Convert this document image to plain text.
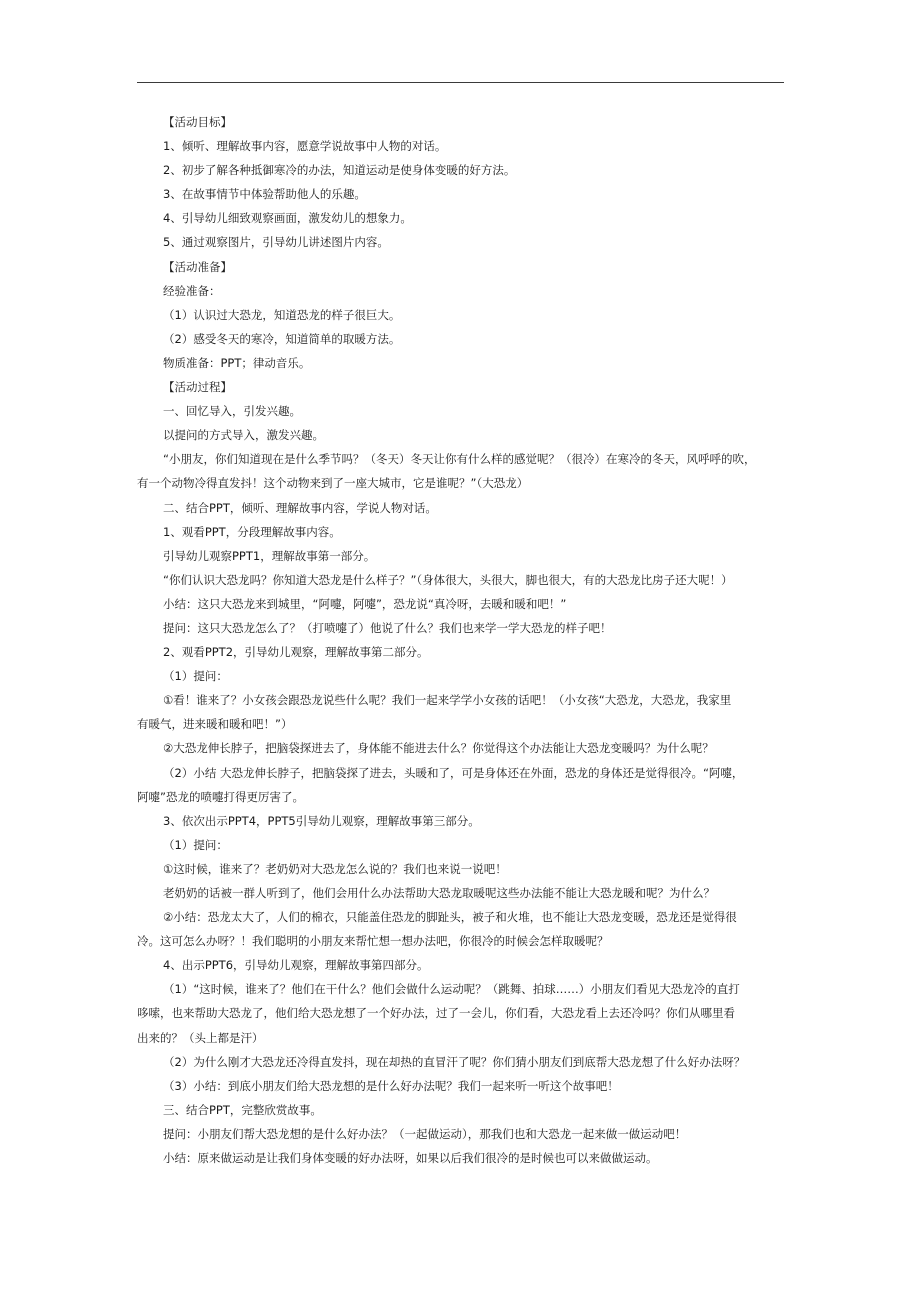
【活动目标】

1、倾听、理解故事内容，愿意学说故事中人物的对话。

2、初步了解各种抵御寒冷的办法，知道运动是使身体变暖的好方法。

3、在故事情节中体验帮助他人的乐趣。

4、引导幼儿细致观察画面，激发幼儿的想象力。

5、通过观察图片，引导幼儿讲述图片内容。

【活动准备】

经验准备：

（1）认识过大恐龙，知道恐龙的样子很巨大。

（2）感受冬天的寒冷，知道简单的取暖方法。

物质准备：PPT；律动音乐。

【活动过程】

一、回忆导入，引发兴趣。

以提问的方式导入，激发兴趣。

“小朋友，你们知道现在是什么季节吗？（冬天）冬天让你有什么样的感觉呢？（很冷）在寒冷的冬天，风呼呼的吹，

有一个动物冷得直发抖！这个动物来到了一座大城市，它是谁呢？”（大恐龙）

二、结合PPT，倾听、理解故事内容，学说人物对话。

1、观看PPT，分段理解故事内容。

引导幼儿观察PPT1，理解故事第一部分。

“你们认识大恐龙吗？你知道大恐龙是什么样子？”（身体很大，头很大，脚也很大，有的大恐龙比房子还大呢！）

小结：这只大恐龙来到城里，“阿嚏，阿嚏”，恐龙说“真冷呀，去暖和暖和吧！”

提问：这只大恐龙怎么了？（打喷嚏了）他说了什么？我们也来学一学大恐龙的样子吧！

2、观看PPT2，引导幼儿观察，理解故事第二部分。

（1）提问：

①看！谁来了？小女孩会跟恐龙说些什么呢？我们一起来学学小女孩的话吧！（小女孩“大恐龙，大恐龙，我家里

有暖气，进来暖和暖和吧！”）

②大恐龙伸长脖子，把脑袋探进去了，身体能不能进去什么？你觉得这个办法能让大恐龙变暖吗？为什么呢？

（2）小结 大恐龙伸长脖子，把脑袋探了进去，头暖和了，可是身体还在外面，恐龙的身体还是觉得很冷。“阿嚏，

阿嚏”恐龙的喷嚏打得更厉害了。

3、依次出示PPT4，PPT5引导幼儿观察，理解故事第三部分。

（1）提问：

①这时候，谁来了？老奶奶对大恐龙怎么说的？我们也来说一说吧！

老奶奶的话被一群人听到了，他们会用什么办法帮助大恐龙取暖呢这些办法能不能让大恐龙暖和呢？为什么？

②小结：恐龙太大了，人们的棉衣，只能盖住恐龙的脚趾头，被子和火堆，也不能让大恐龙变暖，恐龙还是觉得很

冷。这可怎么办呀？！我们聪明的小朋友来帮忙想一想办法吧，你很冷的时候会怎样取暖呢？

4、出示PPT6，引导幼儿观察，理解故事第四部分。

（1）“这时候，谁来了？他们在干什么？他们会做什么运动呢？（跳舞、拍球……）小朋友们看见大恐龙冷的直打

哆嗦，也来帮助大恐龙了，他们给大恐龙想了一个好办法，过了一会儿，你们看，大恐龙看上去还冷吗？你们从哪里看

出来的？（头上都是汗）

（2）为什么刚才大恐龙还冷得直发抖，现在却热的直冒汗了呢？你们猜小朋友们到底帮大恐龙想了什么好办法呀？

（3）小结：到底小朋友们给大恐龙想的是什么好办法呢？我们一起来听一听这个故事吧！

三、结合PPT，完整欣赏故事。

提问：小朋友们帮大恐龙想的是什么好办法？（一起做运动），那我们也和大恐龙一起来做一做运动吧！

小结：原来做运动是让我们身体变暖的好办法呀，如果以后我们很冷的是时候也可以来做做运动。
